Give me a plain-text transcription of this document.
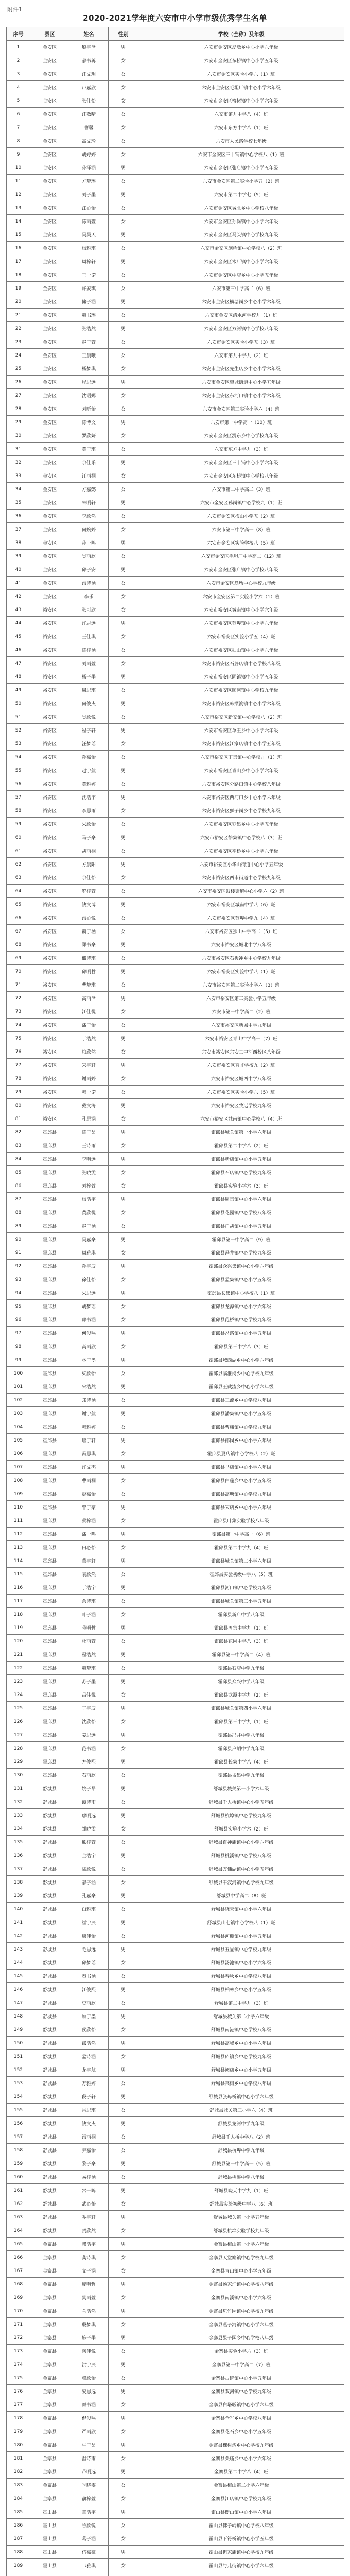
附件1
2020-2021学年度六安市中小学市级优秀学生名单
序号	县区	姓名	性别	学校（全称）及年级
1	金安区	殷宇泽	男	六安市金安区翁墩乡中心小学六年级
2	金安区	郝书苒	女	六安市金安区东桥镇中心小学五年级
3	金安区	汪文玥	女	六安市金安区实验小学六（1）班
4	金安区	卢嘉欣	女	六安市金安区毛坦厂镇中心小学六年级
5	金安区	张佳怡	女	六安市金安区椿树镇中心小学六年级
6	金安区	汪敬晴	女	六安市第九中学八（4）班
7	金安区	曹馨	女	六安市东方中学八（1）班
8	金安区	高文瑜	女	六安市人民路学校七年级
9	金安区	胡婷婷	女	六安市金安区三十铺镇中心学校八（1）班
10	金安区	孙泽涵	男	六安市金安区张店镇中心小学五年级
11	金安区	方梦瑶	女	六安市金安区第二实验小学五（2）班
12	金安区	刘子墨	男	六安市第二中学七（5）班
13	金安区	江心怡	女	六安市金安区城北乡中心学校八年级
14	金安区	陈雨萱	女	六安市金安区孙岗镇中心小学六年级
15	金安区	吴昊天	男	六安市金安区马头镇中心学校九年级
16	金安区	杨雅琪	女	六安市金安区施桥镇中心学校八（2）班
17	金安区	周梓轩	男	六安市金安区木厂镇中心小学六年级
18	金安区	王一诺	女	六安市金安区中店乡中心小学五年级
19	金安区	许安琪	女	六安市第三中学高二（6）班
20	金安区	储子涵	男	六安市金安区横塘岗乡中心小学六年级
21	金安区	魏书瑶	女	六安市金安区清水河学校九（1）班
22	金安区	张浩然	男	六安市金安区双河镇中心学校八年级
23	金安区	赵子萱	女	六安市金安区实验小学五（3）班
24	金安区	王晨曦	女	六安市第九中学九（2）班
25	金安区	杨梦琪	女	六安市金安区先生店乡中心小学六年级
26	金安区	程思远	男	六安市金安区望城街道中心小学五年级
27	金安区	沈语嫣	女	六安市金安区东河口镇中心小学六年级
28	金安区	刘昕怡	女	六安市金安区第三实验小学六（4）班
29	金安区	陈博文	男	六安市第一中学高一（10）班
30	金安区	罗欣妍	女	六安市金安区淠东乡中心学校九年级
31	金安区	黄子琪	女	六安市东方中学九（3）班
32	金安区	余佳乐	男	六安市金安区三十铺中心小学六年级
33	金安区	汪雨桐	女	六安市金安区东桥镇中心学校八年级
34	金安区	方嘉懿	女	六安市第二中学高二（3）班
35	金安区	朱明轩	男	六安市金安区孙岗镇中心学校九（1）班
36	金安区	李欣然	女	六安市金安区梅山小学五（2）班
37	金安区	何婉婷	女	六安市第三中学高一（8）班
38	金安区	孙一鸣	男	六安市金安区实验学校八（5）班
39	金安区	吴雨欣	女	六安市金安区毛坦厂中学高二（12）班
40	金安区	邱子安	男	六安市金安区张店镇中心学校八年级
41	金安区	汤诗涵	女	六安市金安区翁墩中心学校九年级
42	金安区	李乐	女	六安市金安区第二实验小学六（1）班
43	裕安区	张可欣	女	六安市裕安区城南镇中心小学六年级
44	裕安区	许志远	男	六安市裕安区苏埠镇中心小学六年级
45	裕安区	王佳琪	女	六安市裕安区实验小学五（4）班
46	裕安区	陈梓涵	女	六安市裕安区独山镇中心小学六年级
47	裕安区	刘雨萱	女	六安市裕安区石婆店镇中心学校八年级
48	裕安区	杨子墨	男	六安市裕安区固镇镇中心小学五年级
49	裕安区	周思琪	女	六安市裕安区顺河镇中心学校九年级
50	裕安区	何俊杰	男	六安市裕安区韩摆渡镇中心小学六年级
51	裕安区	吴欣悦	女	六安市裕安区新安镇中心学校八（2）班
52	裕安区	程子轩	男	六安市裕安区单王乡中心小学六年级
53	裕安区	汪梦瑶	女	六安市裕安区江家店镇中心小学五年级
54	裕安区	孙嘉怡	女	六安市裕安区丁集镇中心学校九（1）班
55	裕安区	赵宇航	男	六安市裕安区青山乡中心小学六年级
56	裕安区	黄雅婷	女	六安市裕安区分路口镇中心学校八年级
57	裕安区	沈浩宇	男	六安市裕安区西河口乡中心小学六年级
58	裕安区	李思雨	女	六安市裕安区狮子岗乡中心学校九年级
59	裕安区	朱欣怡	女	六安市裕安区罗集乡中心小学五年级
60	裕安区	马子豪	男	六安市裕安区徐集镇中心学校八（3）班
61	裕安区	胡雨桐	女	六安市裕安区平桥乡中心小学六年级
62	裕安区	方晨阳	男	六安市裕安区小华山街道中心小学五年级
63	裕安区	余佳怡	女	六安市裕安区西市街道中心学校九年级
64	裕安区	罗梓萱	女	六安市裕安区鼓楼街道中心小学六（2）班
65	裕安区	钱文博	男	六安市裕安区城南中学八（6）班
66	裕安区	汤心悦	女	六安市裕安区苏埠中学九（4）班
67	裕安区	魏子涵	女	六安市裕安区独山中学高二（5）班
68	裕安区	郑书豪	男	六安市裕安区城北中学八年级
69	裕安区	储诗琪	女	六安市裕安区石板冲乡中心学校九年级
70	裕安区	邱明哲	男	六安市裕安区实验中学八（1）班
71	裕安区	曹梦琪	女	六安市裕安区第二实验小学六（3）班
72	裕安区	高雨泽	男	六安市裕安区第三实验小学五年级
73	裕安区	江佳悦	女	六安市第一中学高二（2）班
74	裕安区	潘子怡	女	六安市裕安区新城中学九年级
75	裕安区	丁浩然	男	六安市裕安区青山中学高一（7）班
76	裕安区	柏欣然	女	六安市裕安区六安二中河西校区八年级
77	裕安区	宋宇轩	男	六安市裕安区育才学校九（2）班
78	裕安区	谢雨婷	女	六安市裕安区城西中学八年级
79	裕安区	韩一诺	女	六安市裕安区实验小学六（5）班
80	裕安区	戴文涛	男	六安市裕安区致远学校九年级
81	裕安区	孔思涵	女	六安市裕安区城南镇中心学校八（4）班
82	霍邱县	陈子昂	男	霍邱县城关镇第一小学六年级
83	霍邱县	王诗雨	女	霍邱县第二中学八（2）班
84	霍邱县	李明远	男	霍邱县新店镇中心小学五年级
85	霍邱县	张晓雯	女	霍邱县石店镇中心学校九年级
86	霍邱县	刘梓萱	女	霍邱县实验小学六（3）班
87	霍邱县	杨浩宇	男	霍邱县周集镇中心小学六年级
88	霍邱县	黄欣悦	女	霍邱县花园镇中心学校八年级
89	霍邱县	赵子涵	女	霍邱县户胡镇中心小学五年级
90	霍邱县	吴嘉豪	男	霍邱县第一中学高二（9）班
91	霍邱县	周雅琪	女	霍邱县冯井镇中心学校九年级
92	霍邱县	孙宇辰	男	霍邱县众兴集镇中心小学六年级
93	霍邱县	徐佳怡	女	霍邱县孟集镇中心小学五年级
94	霍邱县	朱思远	男	霍邱县长集镇中心学校八（1）班
95	霍邱县	胡梦瑶	女	霍邱县龙潭镇中心小学六年级
96	霍邱县	郭书涵	女	霍邱县范桥镇中心学校九年级
97	霍邱县	何俊熙	男	霍邱县岔路镇中心小学五年级
98	霍邱县	高雨欣	女	霍邱县第三中学八（3）班
99	霍邱县	林子墨	男	霍邱县城西湖乡中心小学六年级
100	霍邱县	梁欣怡	女	霍邱县临淮岗乡中心学校九年级
101	霍邱县	宋浩然	男	霍邱县王截流乡中心小学六年级
102	霍邱县	郑诗涵	女	霍邱县三流乡中心学校八年级
103	霍邱县	谢宇航	男	霍邱县潘集镇中心小学五年级
104	霍邱县	韩雅婷	女	霍邱县曹庙镇中心学校九年级
105	霍邱县	唐子轩	男	霍邱县邵岗乡中心小学六年级
106	霍邱县	冯思琪	女	霍邱县夏店镇中心学校八（2）班
107	霍邱县	许文杰	男	霍邱县马店镇中心小学六年级
108	霍邱县	曹雨桐	女	霍邱县白莲乡中心小学五年级
109	霍邱县	彭嘉怡	女	霍邱县高塘镇中心学校九年级
110	霍邱县	曾子豪	男	霍邱县宋店乡中心小学六年级
111	霍邱县	蔡梓涵	女	霍邱县叶集实验学校八年级
112	霍邱县	潘一鸣	男	霍邱县第一中学高一（6）班
113	霍邱县	田心怡	女	霍邱县第二中学九（4）班
114	霍邱县	董宇轩	男	霍邱县城关镇第二小学六年级
115	霍邱县	袁欣然	女	霍邱县实验初级中学八（5）班
116	霍邱县	于浩宇	男	霍邱县河口镇中心学校九年级
117	霍邱县	余诗琪	女	霍邱县城关镇第三小学五年级
118	霍邱县	叶子涵	女	霍邱县新店中学八年级
119	霍邱县	蒋明哲	男	霍邱县周集中学九（1）班
120	霍邱县	杜雨萱	女	霍邱县花园中学八（3）班
121	霍邱县	程浩然	男	霍邱县第一中学高二（4）班
122	霍邱县	魏梦琪	女	霍邱县石店中学九年级
123	霍邱县	苏子墨	男	霍邱县众兴中学八年级
124	霍邱县	吕佳悦	女	霍邱县龙潭中学九（2）班
125	霍邱县	丁宇辰	男	霍邱县城关镇第四小学六年级
126	霍邱县	沈欣怡	女	霍邱县第三中学九（1）班
127	霍邱县	姜思远	男	霍邱县冯井中学八年级
128	霍邱县	范书涵	女	霍邱县户胡中学九年级
129	霍邱县	方俊熙	男	霍邱县长集中学八（4）班
130	霍邱县	石雨欣	女	霍邱县孟集中学九年级
131	舒城县	姚子昂	男	舒城县城关第一小学六年级
132	舒城县	谭诗雨	女	舒城县千人桥镇中心小学五年级
133	舒城县	廖明远	男	舒城县杭埠镇中心学校九年级
134	舒城县	邹晓雯	女	舒城县实验小学六（2）班
135	舒城县	熊梓萱	女	舒城县百神庙镇中心小学六年级
136	舒城县	金浩宇	男	舒城县桃溪镇中心学校八年级
137	舒城县	陆欣悦	女	舒城县万佛湖镇中心小学五年级
138	舒城县	郝子涵	女	舒城县干汊河镇中心学校九年级
139	舒城县	孔嘉豪	男	舒城县中学高二（8）班
140	舒城县	白雅琪	女	舒城县晓天镇中心小学六年级
141	舒城县	崔宇辰	男	舒城县山七镇中心学校八（1）班
142	舒城县	康佳怡	女	舒城县河棚镇中心小学五年级
143	舒城县	毛思远	男	舒城县五显镇中心学校九年级
144	舒城县	邱梦瑶	女	舒城县汤池镇中心小学六年级
145	舒城县	秦书涵	女	舒城县春秋乡中心学校八年级
146	舒城县	江俊熙	男	舒城县柏林乡中心小学五年级
147	舒城县	史雨欣	女	舒城县第二中学九（3）班
148	舒城县	顾子墨	男	舒城县城关第二小学六年级
149	舒城县	侯欣怡	女	舒城县南港镇中心学校八年级
150	舒城县	邵浩然	男	舒城县高峰乡中心小学六年级
151	舒城县	孟诗涵	女	舒城县庐镇乡中心学校九年级
152	舒城县	龙宇航	男	舒城县阙店乡中心小学五年级
153	舒城县	万雅婷	女	舒城县棠树乡中心学校八年级
154	舒城县	段子轩	男	舒城县张母桥镇中心小学六年级
155	舒城县	雷思琪	女	舒城县城关第三小学六（4）班
156	舒城县	钱文杰	男	舒城县龙河中学九年级
157	舒城县	汤雨桐	女	舒城县千人桥中学八（2）班
158	舒城县	尹嘉怡	女	舒城县杭埠中学九年级
159	舒城县	黎子豪	男	舒城县第一中学高一（5）班
160	舒城县	易梓涵	女	舒城县桃溪中学八年级
161	舒城县	常一鸣	男	舒城县晓天中学九（1）班
162	舒城县	武心怡	女	舒城县实验初级中学八（6）班
163	舒城县	乔宇轩	男	舒城县城关第一小学五年级
164	舒城县	贺欣然	女	舒城县杭埠实验学校九年级
165	金寨县	赖浩宇	男	金寨县梅山第一小学六年级
166	金寨县	龚诗琪	女	金寨县天堂寨镇中心学校九年级
167	金寨县	文子涵	女	金寨县青山镇中心小学五年级
168	金寨县	庞明哲	男	金寨县汤家汇镇中心学校八年级
169	金寨县	樊雨萱	女	金寨县南溪镇中心小学六年级
170	金寨县	兰浩然	男	金寨县斑竹园镇中心学校九年级
171	金寨县	殷梦琪	女	金寨县燕子河镇中心小学六年级
172	金寨县	施子墨	男	金寨县果子园乡中心学校八年级
173	金寨县	陶佳悦	女	金寨县实验小学六（3）班
174	金寨县	洪宇辰	男	金寨县第一中学高二（7）班
175	金寨县	翟欣怡	女	金寨县古碑镇中心小学五年级
176	金寨县	安思远	男	金寨县双河镇中心学校九年级
177	金寨县	颜书涵	女	金寨县白塔畈镇中心小学六年级
178	金寨县	倪俊熙	男	金寨县全军乡中心学校八年级
179	金寨县	严雨欣	女	金寨县花石乡中心小学五年级
180	金寨县	牛子昂	男	金寨县槐树湾乡中心学校九年级
181	金寨县	温诗雨	女	金寨县关庙乡中心小学六年级
182	金寨县	芦明远	男	金寨县第二中学八（4）班
183	金寨县	季晓雯	女	金寨县梅山第二小学六年级
184	金寨县	俞梓萱	女	金寨县江店镇中心学校九年级
185	霍山县	章浩宇	男	霍山县衡山镇中心小学六年级
186	霍山县	鲁欣悦	女	霍山县佛子岭镇中心学校八年级
187	霍山县	葛子涵	女	霍山县下符桥镇中心小学五年级
188	霍山县	伍嘉豪	男	霍山县但家庙镇中心学校九年级
189	霍山县	韦雅琪	女	霍山县与儿街镇中心小学六年级
